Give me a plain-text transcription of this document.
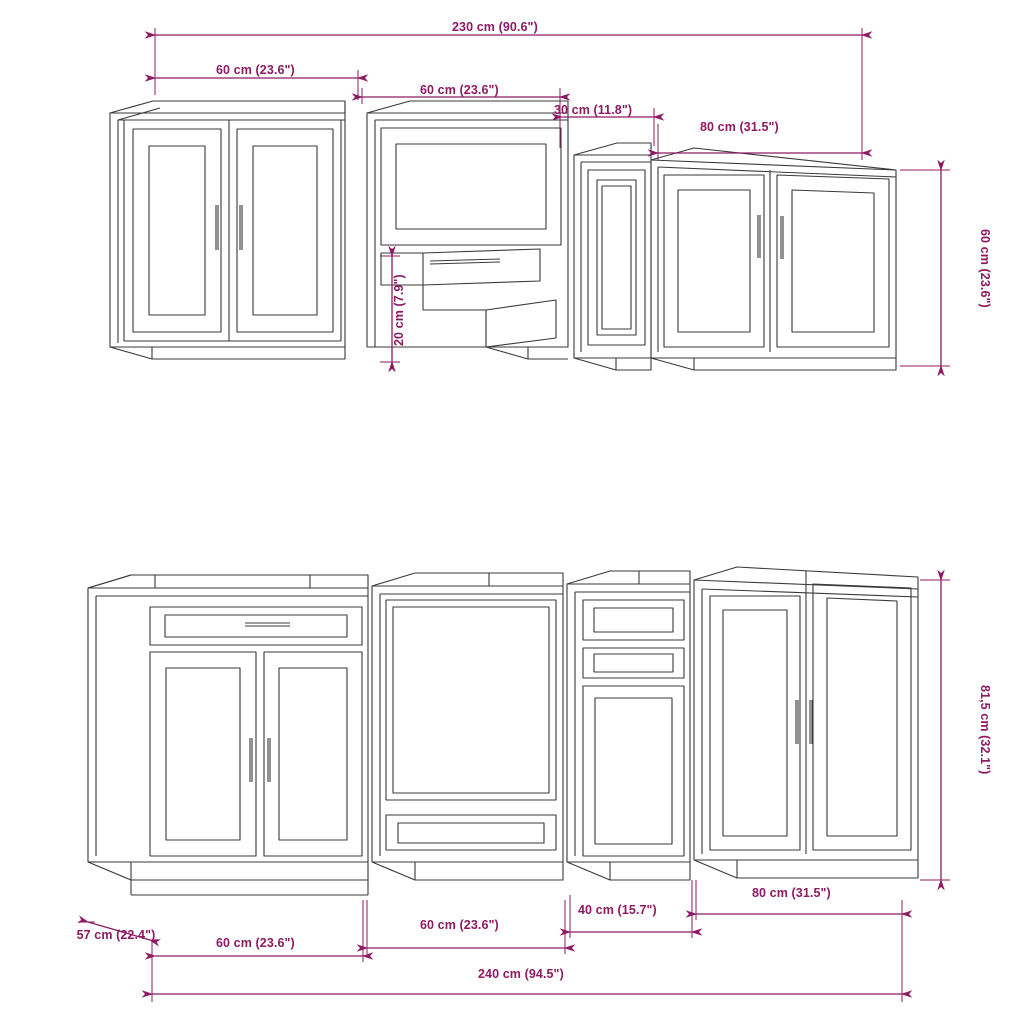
230 cm (90.6")
60 cm (23.6")
60 cm (23.6")
30 cm (11.8")
80 cm (31.5")
60 cm (23.6")
20 cm (7.9")
81,5 cm (32.1")
57 cm (22.4")
60 cm (23.6")
60 cm (23.6")
40 cm (15.7")
80 cm (31.5")
240 cm (94.5")
